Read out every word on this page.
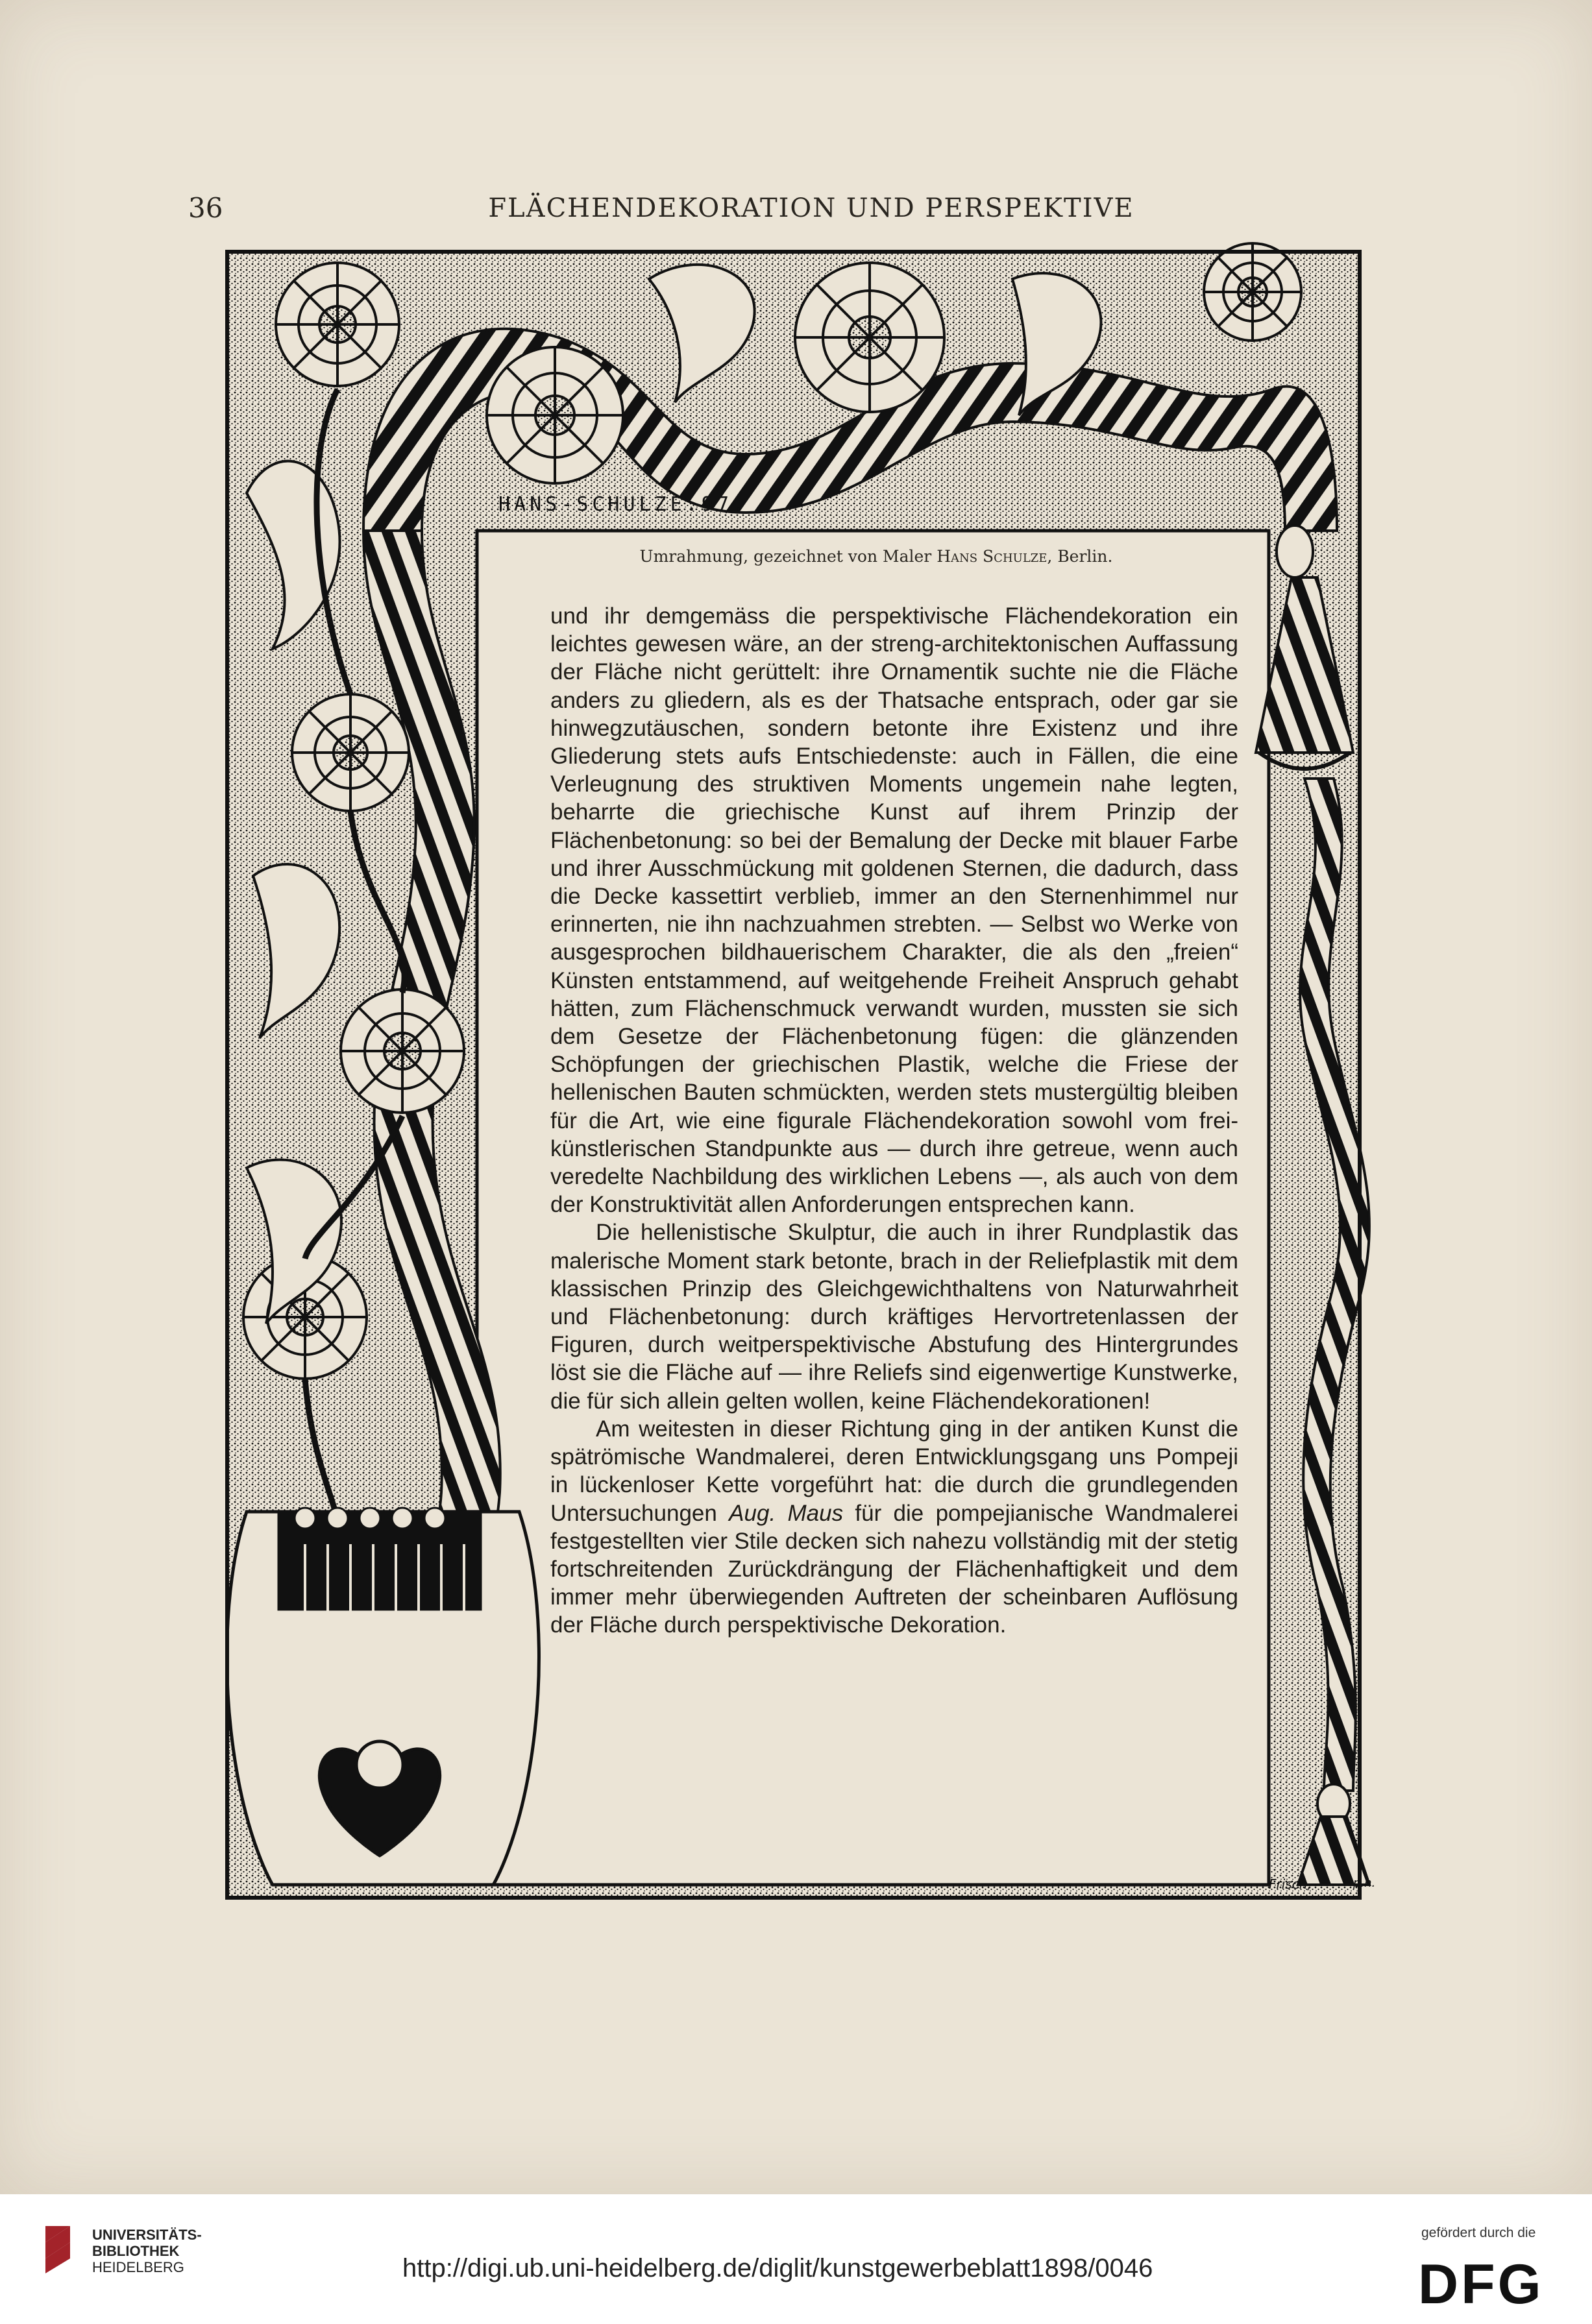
36	FLÄCHENDEKORATION UND PERSPEKTIVE
HANS-SCHULZE.97.
Umrahmung, gezeichnet von Maler Hans Schulze, Berlin.

und ihr demgemäss die perspektivische Flächendekoration ein leichtes gewesen wäre, an der streng-architektonischen Auffassung der Fläche nicht gerüttelt: ihre Ornamentik suchte nie die Fläche anders zu gliedern, als es der Thatsache entsprach, oder gar sie hinwegzutäuschen, sondern betonte ihre Existenz und ihre Gliederung stets aufs Entschiedenste: auch in Fällen, die eine Verleugnung des struktiven Moments ungemein nahe legten, beharrte die griechische Kunst auf ihrem Prinzip der Flächenbetonung: so bei der Bemalung der Decke mit blauer Farbe und ihrer Ausschmückung mit goldenen Sternen, die dadurch, dass die Decke kassettirt verblieb, immer an den Sternenhimmel nur erinnerten, nie ihn nachzuahmen strebten. — Selbst wo Werke von ausgesprochen bildhauerischem Charakter, die als den „freien“ Künsten entstammend, auf weitgehende Freiheit Anspruch gehabt hätten, zum Flächenschmuck verwandt wurden, mussten sie sich dem Gesetze der Flächenbetonung fügen: die glänzenden Schöpfungen der griechischen Plastik, welche die Friese der hellenischen Bauten schmückten, werden stets mustergültig bleiben für die Art, wie eine figurale Flächendekoration sowohl vom frei-künstlerischen Standpunkte aus — durch ihre getreue, wenn auch veredelte Nachbildung des wirklichen Lebens —, als auch von dem der Konstruktivität allen Anforderungen entsprechen kann.

Die hellenistische Skulptur, die auch in ihrer Rundplastik das malerische Moment stark betonte, brach in der Reliefplastik mit dem klassischen Prinzip des Gleichgewichthaltens von Naturwahrheit und Flächenbetonung: durch kräftiges Hervortretenlassen der Figuren, durch weitperspektivische Abstufung des Hintergrundes löst sie die Fläche auf — ihre Reliefs sind eigenwertige Kunstwerke, die für sich allein gelten wollen, keine Flächendekorationen!

Am weitesten in dieser Richtung ging in der antiken Kunst die spätrömische Wandmalerei, deren Entwicklungsgang uns Pompeji in lückenloser Kette vorgeführt hat: die durch die grundlegenden Untersuchungen Aug. Maus für die pompejianische Wandmalerei festgestellten vier Stile decken sich nahezu vollständig mit der stetig fortschreitenden Zurückdrängung der Flächenhaftigkeit und dem immer mehr überwiegenden Auftreten der scheinbaren Auflösung der Fläche durch perspektivische Dekoration.

Frisch,	p.h.
UNIVERSITÄTS-
BIBLIOTHEK
HEIDELBERG	http://digi.ub.uni-heidelberg.de/diglit/kunstgewerbeblatt1898/0046
gefördert durch die
DFG
